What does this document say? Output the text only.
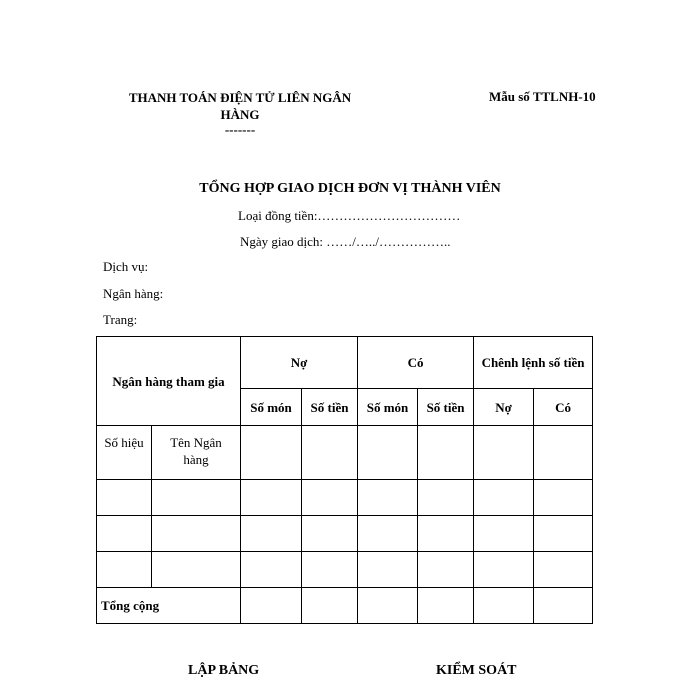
THANH TOÁN ĐIỆN TỬ LIÊN NGÂN HÀNG
-------
Mẫu số TTLNH-10
TỔNG HỢP GIAO DỊCH ĐƠN VỊ THÀNH VIÊN
Loại đồng tiền:……………………………
Ngày giao dịch: ……/…../……………..
Dịch vụ:
Ngân hàng:
Trang:
Ngân hàng tham gia		Nợ		Có		Chênh lệnh số tiền	
		Số món	Số tiền	Số món	Số tiền	Nợ	Có
Số hiệu	Tên Ngân hàng						

Tổng cộng							
LẬP BẢNG	KIỂM SOÁT
